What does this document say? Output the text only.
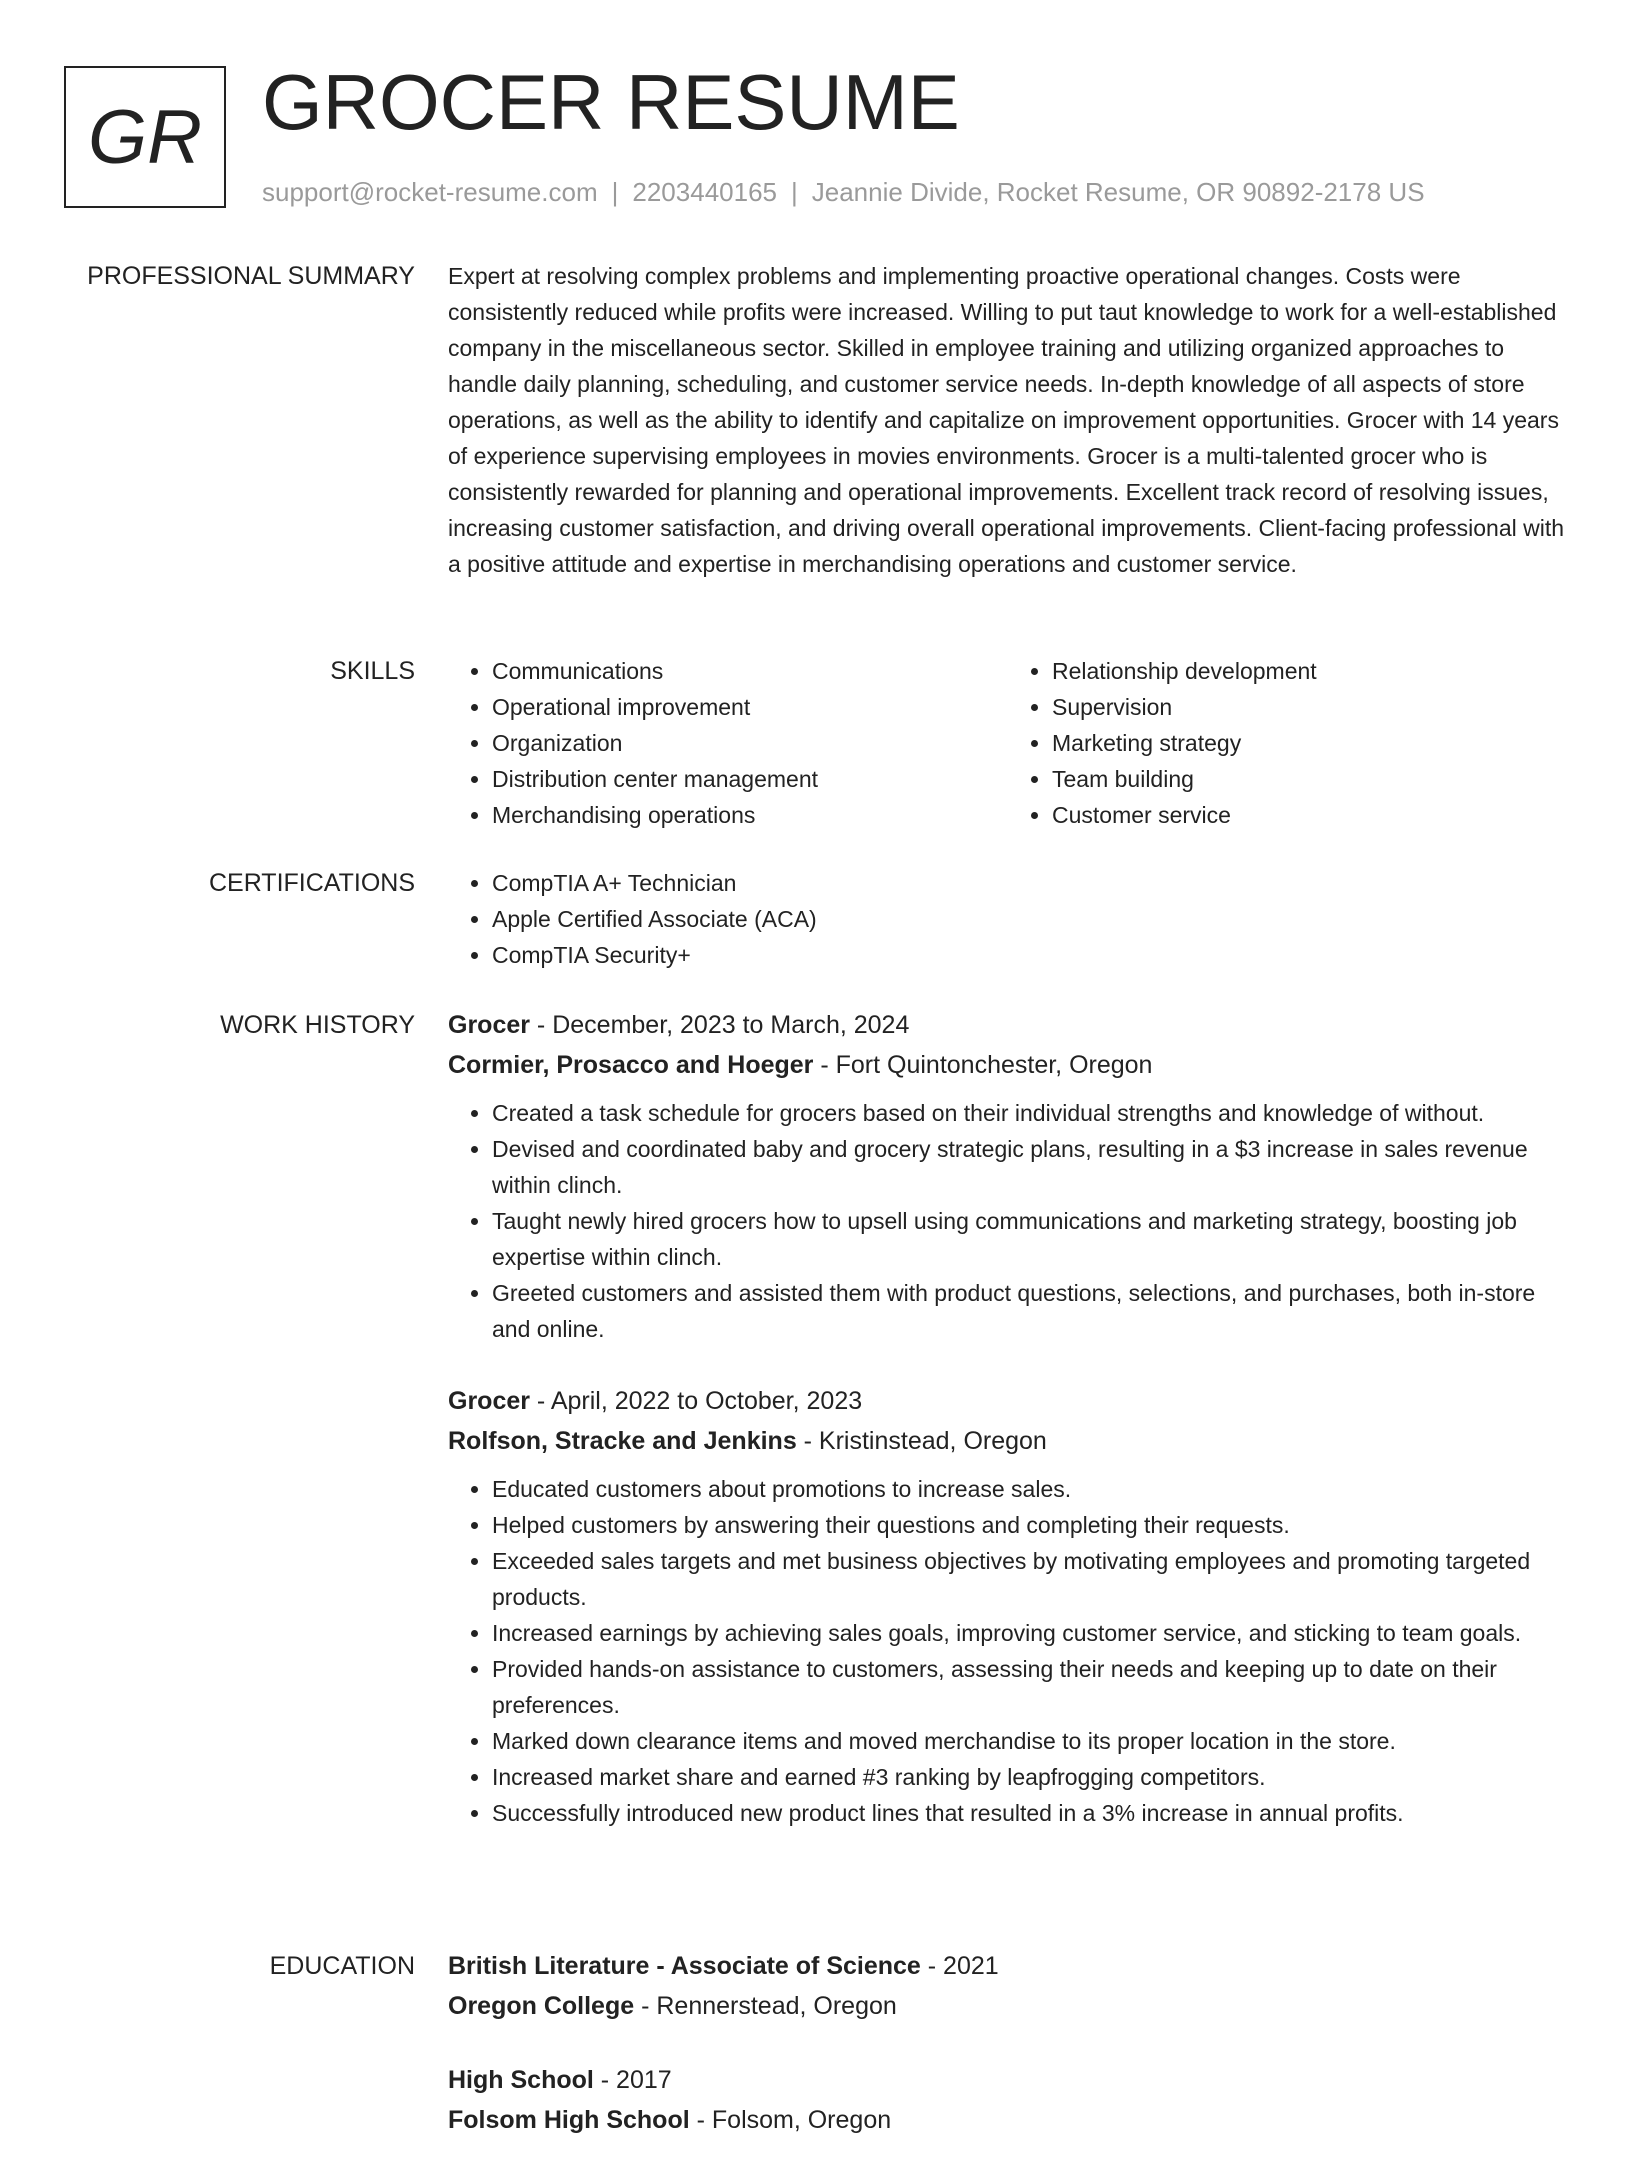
GR GROCER RESUME
support@rocket-resume.com | 2203440165 | Jeannie Divide, Rocket Resume, OR 90892-2178 US
PROFESSIONAL SUMMARY Expert at resolving complex problems and implementing proactive operational changes. Costs were consistently reduced while profits were increased. Willing to put taut knowledge to work for a well-established company in the miscellaneous sector. Skilled in employee training and utilizing organized approaches to handle daily planning, scheduling, and customer service needs. In-depth knowledge of all aspects of store operations, as well as the ability to identify and capitalize on improvement opportunities. Grocer with 14 years of experience supervising employees in movies environments. Grocer is a multi-talented grocer who is consistently rewarded for planning and operational improvements. Excellent track record of resolving issues, increasing customer satisfaction, and driving overall operational improvements. Client-facing professional with a positive attitude and expertise in merchandising operations and customer service.

SKILLS	• Communications
• Operational improvement
• Organization
• Distribution center management
• Merchandising operations
• Relationship development
• Supervision
• Marketing strategy
• Team building
• Customer service
CERTIFICATIONS	• CompTIA A+ Technician
• Apple Certified Associate (ACA)
• CompTIA Security+
WORK HISTORY Grocer - December, 2023 to March, 2024
Cormier, Prosacco and Hoeger - Fort Quintonchester, Oregon
• Created a task schedule for grocers based on their individual strengths and knowledge of without.
• Devised and coordinated baby and grocery strategic plans, resulting in a $3 increase in sales revenue within clinch.
• Taught newly hired grocers how to upsell using communications and marketing strategy, boosting job expertise within clinch.
• Greeted customers and assisted them with product questions, selections, and purchases, both in-store and online.
Grocer - April, 2022 to October, 2023
Rolfson, Stracke and Jenkins - Kristinstead, Oregon
• Educated customers about promotions to increase sales.
• Helped customers by answering their questions and completing their requests.
• Exceeded sales targets and met business objectives by motivating employees and promoting targeted products.
• Increased earnings by achieving sales goals, improving customer service, and sticking to team goals.
• Provided hands-on assistance to customers, assessing their needs and keeping up to date on their preferences.
• Marked down clearance items and moved merchandise to its proper location in the store.
• Increased market share and earned #3 ranking by leapfrogging competitors.
• Successfully introduced new product lines that resulted in a 3% increase in annual profits.
EDUCATION British Literature - Associate of Science - 2021
Oregon College - Rennerstead, Oregon
High School - 2017
Folsom High School - Folsom, Oregon
